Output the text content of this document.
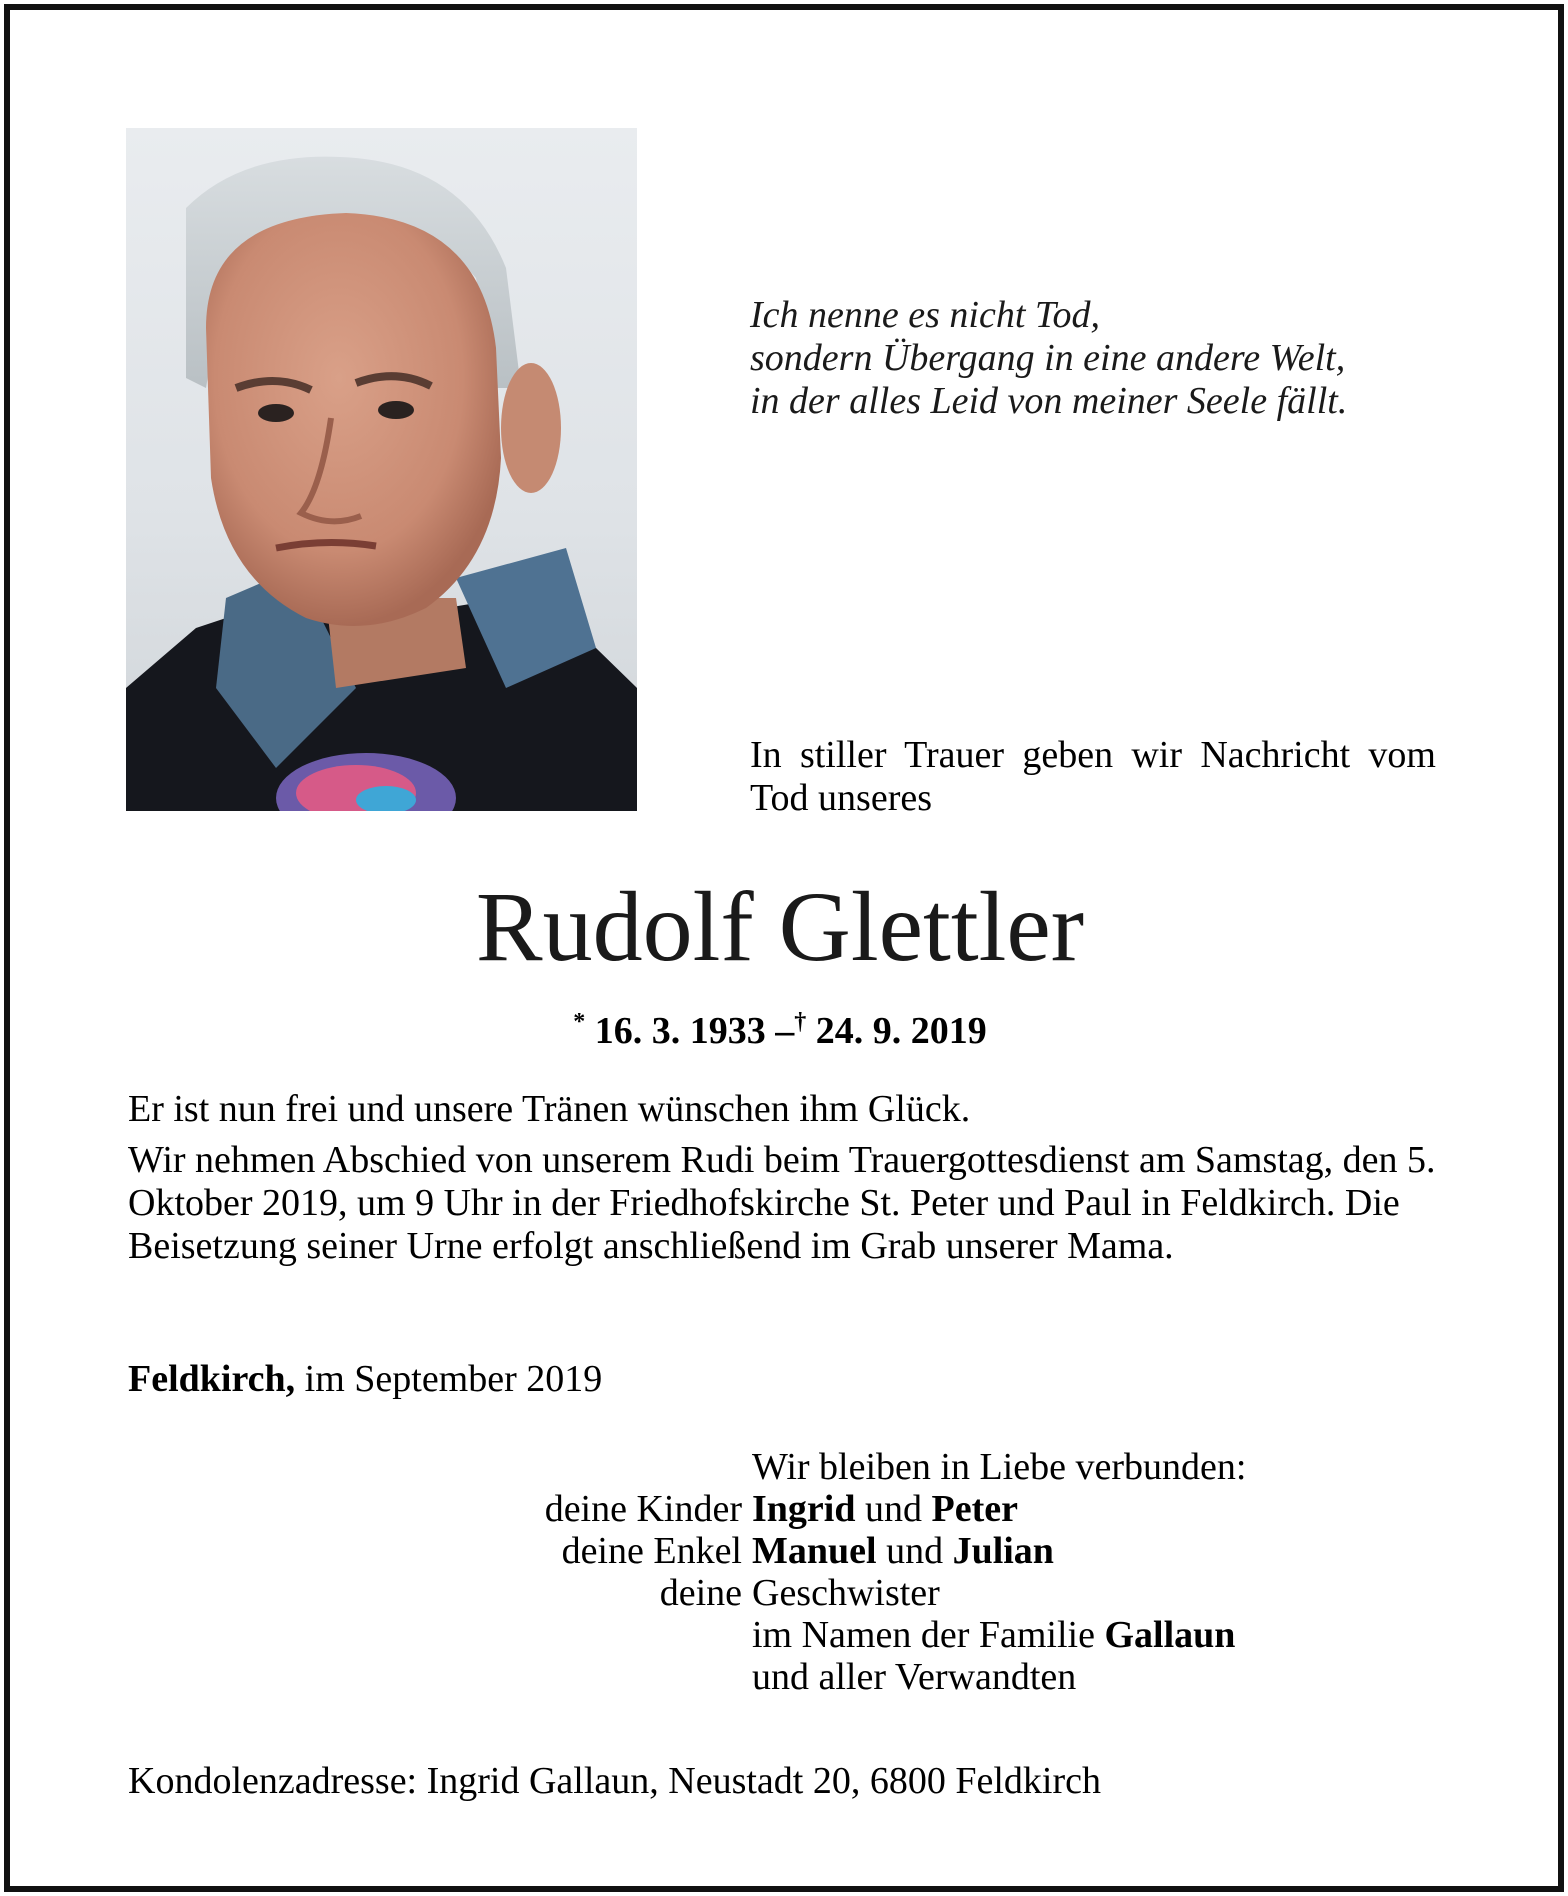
Ich nenne es nicht Tod,
sondern Übergang in eine andere Welt,
in der alles Leid von meiner Seele fällt.
In stiller Trauer geben wir Nachricht vom Tod unseres
Rudolf Glettler
* 16. 3. 1933 –† 24. 9. 2019

Er ist nun frei und unsere Tränen wünschen ihm Glück.

Wir nehmen Abschied von unserem Rudi beim Trauergottesdienst am Samstag, den 5. Oktober 2019, um 9 Uhr in der Friedhofskirche St. Peter und Paul in Feldkirch. Die Beisetzung seiner Urne erfolgt anschließend im Grab unserer Mama.

Feldkirch, im September 2019
Wir bleiben in Liebe verbunden:
deine Kinder Ingrid und Peter
deine Enkel Manuel und Julian
deine Geschwister
im Namen der Familie Gallaun
und aller Verwandten
Kondolenzadresse: Ingrid Gallaun, Neustadt 20, 6800 Feldkirch
